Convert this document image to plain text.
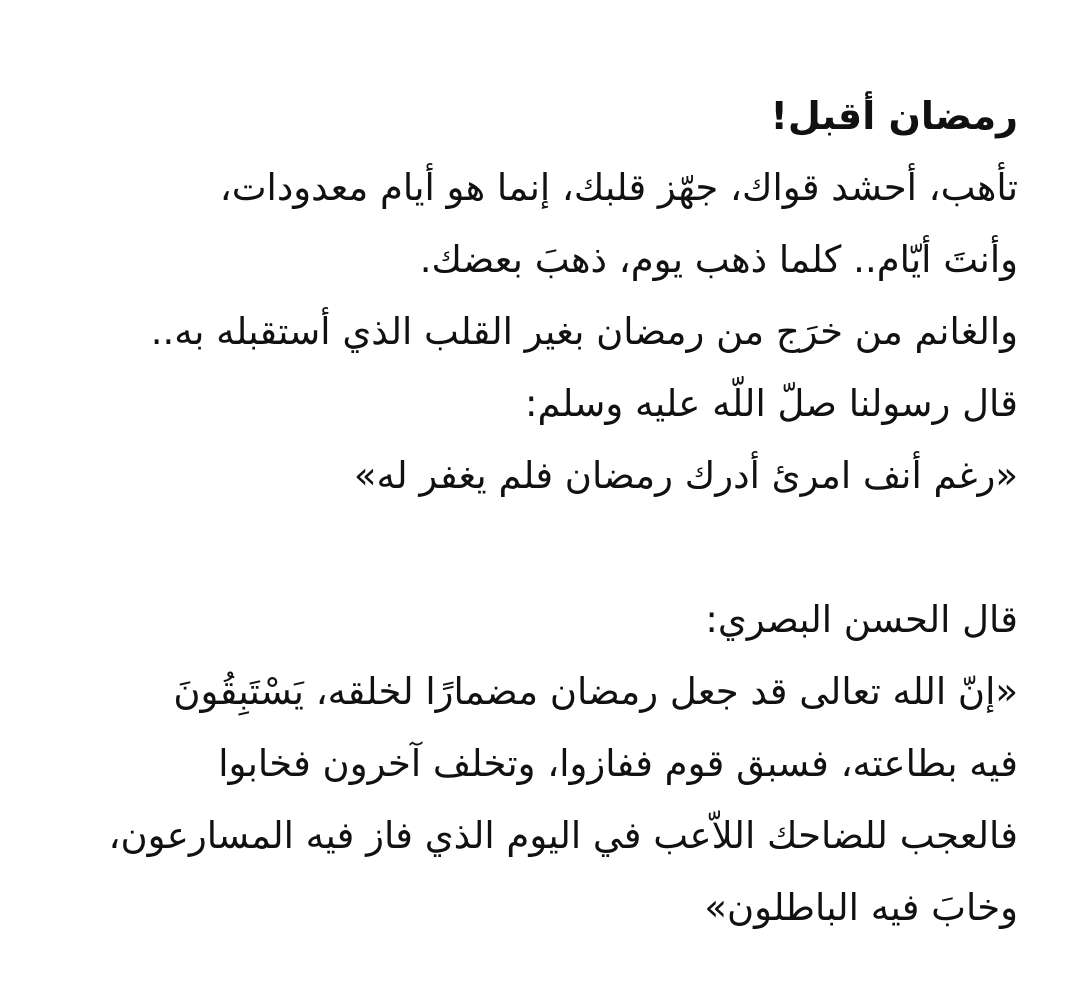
رمضان أقبل!

تأهب، أحشد قواك، جهّز قلبك، إنما هو أيام معدودات،

وأنتَ أيّام.. كلما ذهب يوم، ذهبَ بعضك.

والغانم من خرَج من رمضان بغير القلب الذي أستقبله به..

قال رسولنا صلّ اللّه عليه وسلم:

«رغم أنف امرئ أدرك رمضان فلم يغفر له»

قال الحسن البصري:

«إنّ الله تعالى قد جعل رمضان مضمارًا لخلقه، يَسْتَبِقُونَ

فيه بطاعته، فسبق قوم ففازوا، وتخلف آخرون فخابوا

فالعجب للضاحك اللاّعب في اليوم الذي فاز فيه المسارعون،

وخابَ فيه الباطلون»
